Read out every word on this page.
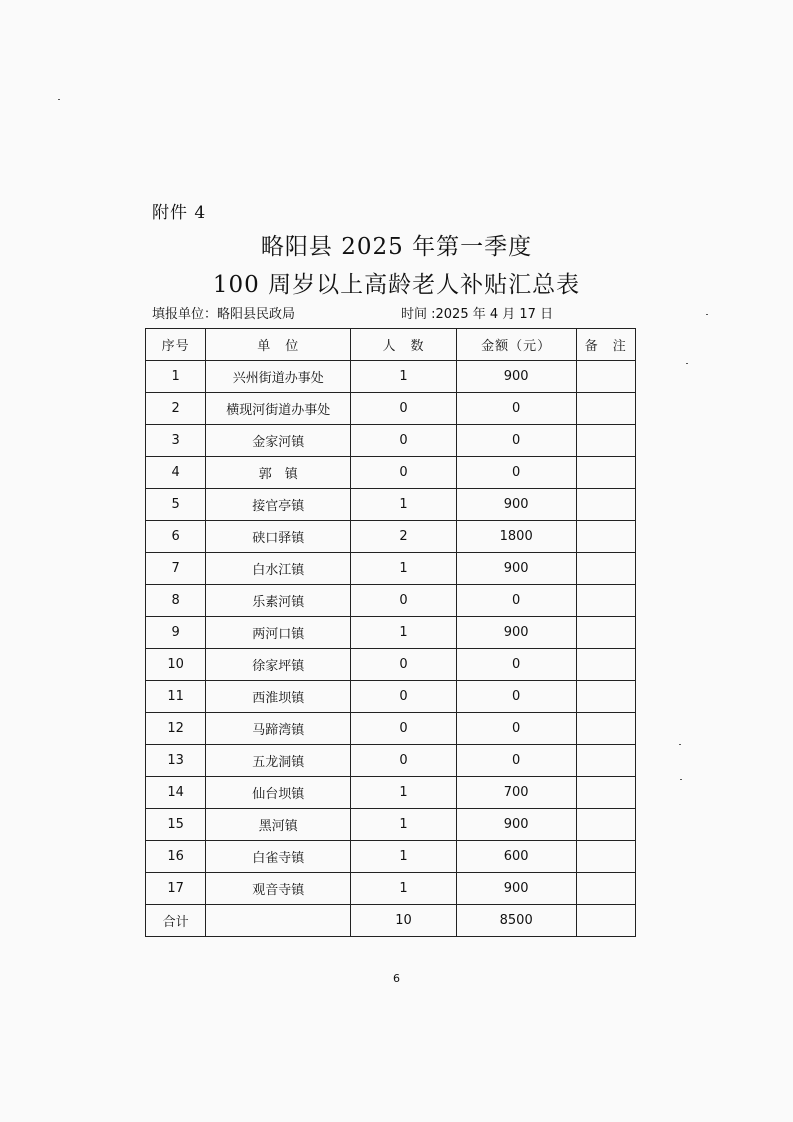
附件 4
略阳县 2025 年第一季度
100 周岁以上高龄老人补贴汇总表
填报单位：略阳县民政局	时间 :2025 年 4 月 17 日
序号	单　位	人　数	金额（元）	备　注
1	兴州街道办事处	1	900	
2	横现河街道办事处	0	0	
3	金家河镇	0	0	
4	郭　镇	0	0	
5	接官亭镇	1	900	
6	硖口驿镇	2	1800	
7	白水江镇	1	900	
8	乐素河镇	0	0	
9	两河口镇	1	900	
10	徐家坪镇	0	0	
11	西淮坝镇	0	0	
12	马蹄湾镇	0	0	
13	五龙洞镇	0	0	
14	仙台坝镇	1	700	
15	黑河镇	1	900	
16	白雀寺镇	1	600	
17	观音寺镇	1	900	
合计		10	8500	
6
